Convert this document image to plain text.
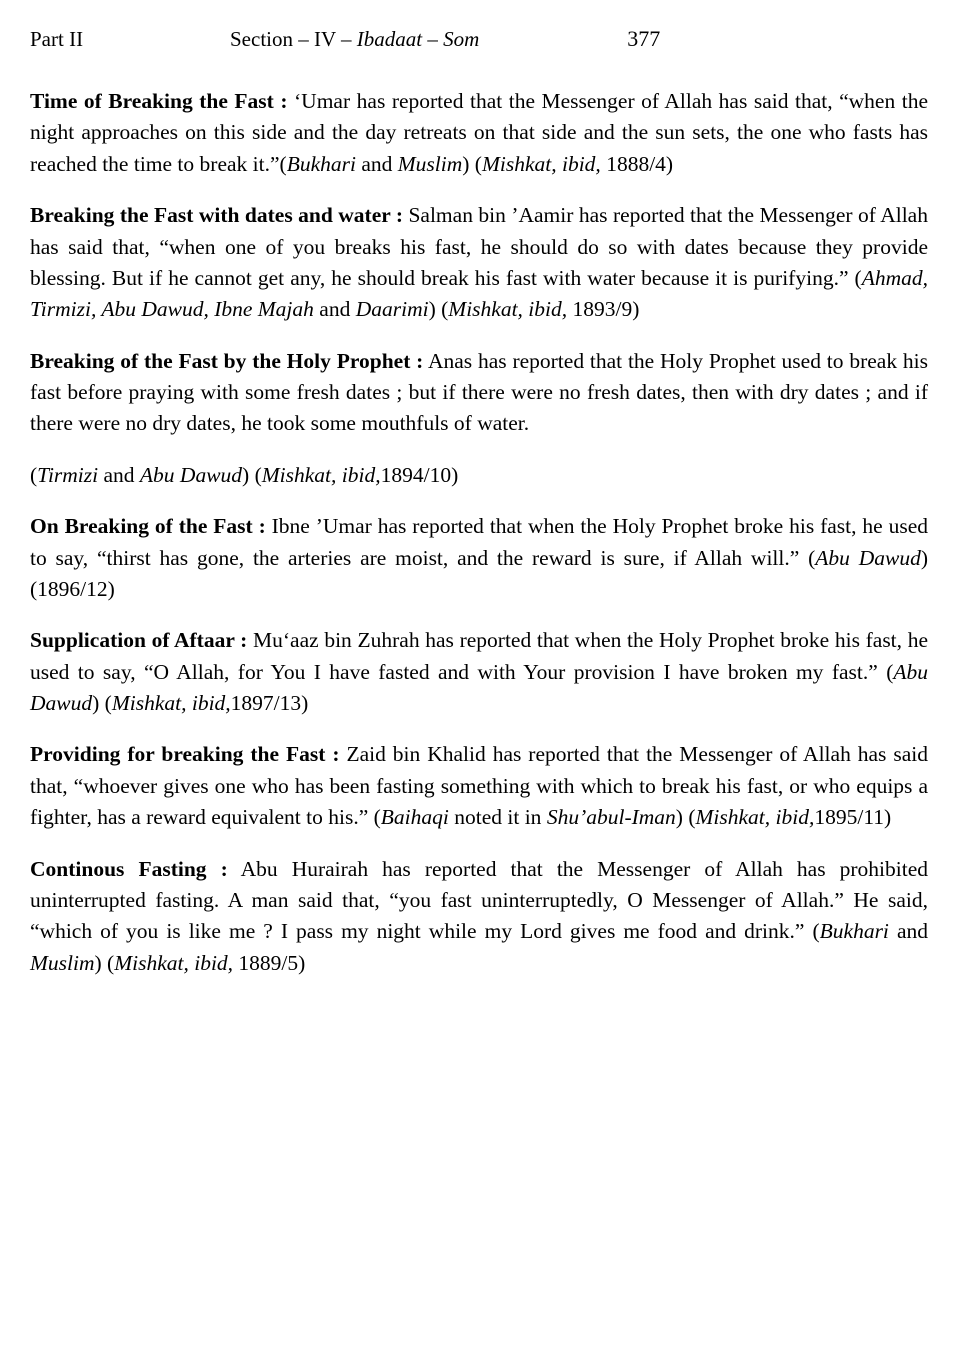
Part II	Section – IV – Ibadaat – Som	377

Time of Breaking the Fast : ‘Umar has reported that the Messenger of Allah has said that, “when the night approaches on this side and the day retreats on that side and the sun sets, the one who fasts has reached the time to break it.”(Bukhari and Muslim) (Mishkat, ibid, 1888/4)

Breaking the Fast with dates and water : Salman bin ’Aamir has reported that the Messenger of Allah has said that, “when one of you breaks his fast, he should do so with dates because they provide blessing. But if he cannot get any, he should break his fast with water because it is purifying.” (Ahmad, Tirmizi, Abu Dawud, Ibne Majah and Daarimi) (Mishkat, ibid, 1893/9)

Breaking of the Fast by the Holy Prophet : Anas has reported that the Holy Prophet used to break his fast before praying with some fresh dates ; but if there were no fresh dates, then with dry dates ; and if there were no dry dates, he took some mouthfuls of water.

(Tirmizi and Abu Dawud) (Mishkat, ibid,1894/10)

On Breaking of the Fast : Ibne ’Umar has reported that when the Holy Prophet broke his fast, he used to say, “thirst has gone, the arteries are moist, and the reward is sure, if Allah will.” (Abu Dawud) (1896/12)

Supplication of Aftaar : Mu‘aaz bin Zuhrah has reported that when the Holy Prophet broke his fast, he used to say, “O Allah, for You I have fasted and with Your provision I have broken my fast.” (Abu Dawud) (Mishkat, ibid,1897/13)

Providing for breaking the Fast : Zaid bin Khalid has reported that the Messenger of Allah has said that, “whoever gives one who has been fasting something with which to break his fast, or who equips a fighter, has a reward equivalent to his.” (Baihaqi noted it in Shu’abul-Iman) (Mishkat, ibid,1895/11)

Continous Fasting : Abu Hurairah has reported that the Messenger of Allah has prohibited uninterrupted fasting. A man said that, “you fast uninterruptedly, O Messenger of Allah.” He said, “which of you is like me ? I pass my night while my Lord gives me food and drink.” (Bukhari and Muslim) (Mishkat, ibid, 1889/5)
